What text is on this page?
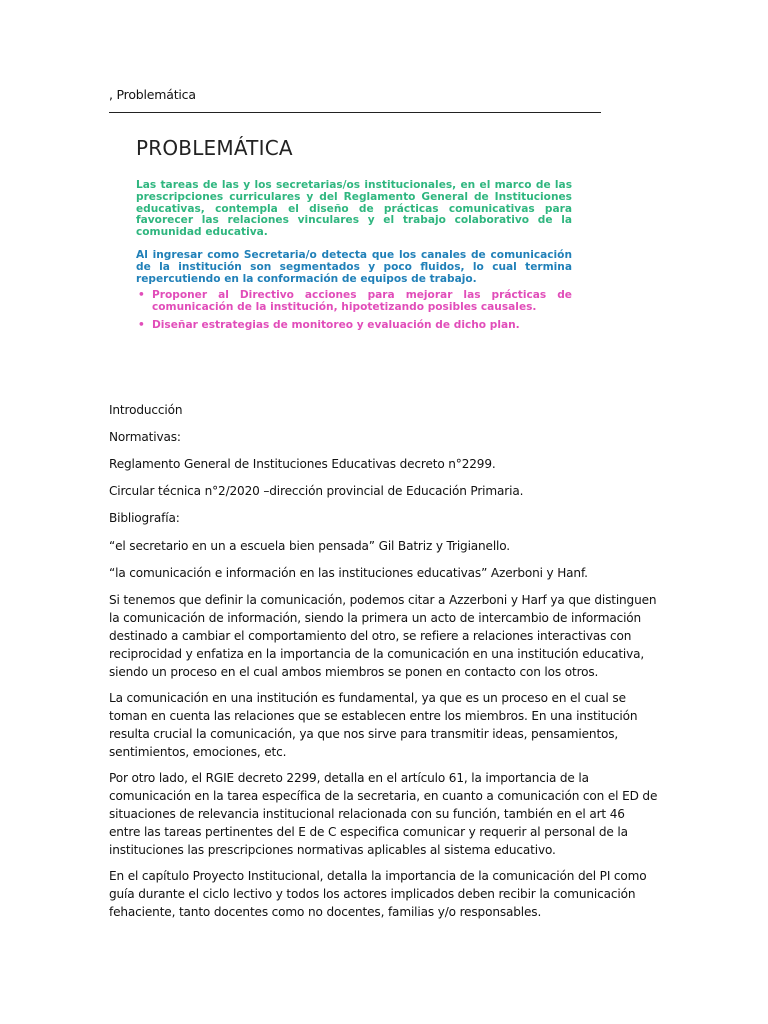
, Problemática
PROBLEMÁTICA

Las tareas de las y los secretarias/os institucionales, en el marco de las prescripciones curriculares y del Reglamento General de Instituciones educativas, contempla el diseño de prácticas comunicativas para favorecer las relaciones vinculares y el trabajo colaborativo de la comunidad educativa.

Al ingresar como Secretaria/o detecta que los canales de comunicación de la institución son segmentados y poco fluidos, lo cual termina repercutiendo en la conformación de equipos de trabajo.

• Proponer al Directivo acciones para mejorar las prácticas de comunicación de la institución, hipotetizando posibles causales.
• Diseñar estrategias de monitoreo y evaluación de dicho plan.

Introducción

Normativas:

Reglamento General de Instituciones Educativas decreto n°2299.

Circular técnica n°2/2020 –dirección provincial de Educación Primaria.

Bibliografía:

“el secretario en un a escuela bien pensada” Gil Batriz y Trigianello.

“la comunicación e información en las instituciones educativas” Azerboni y Hanf.

Si tenemos que definir la comunicación, podemos citar a Azzerboni y Harf ya que distinguen la comunicación de información, siendo la primera un acto de intercambio de información destinado a cambiar el comportamiento del otro, se refiere a relaciones interactivas con reciprocidad y enfatiza en la importancia de la comunicación en una institución educativa, siendo un proceso en el cual ambos miembros se ponen en contacto con los otros.

La comunicación en una institución es fundamental, ya que es un proceso en el cual se toman en cuenta las relaciones que se establecen entre los miembros. En una institución resulta crucial la comunicación, ya que nos sirve para transmitir ideas, pensamientos, sentimientos, emociones, etc.

Por otro lado, el RGIE decreto 2299, detalla en el artículo 61, la importancia de la comunicación en la tarea específica de la secretaria, en cuanto a comunicación con el ED de situaciones de relevancia institucional relacionada con su función, también en el art 46 entre las tareas pertinentes del E de C especifica comunicar y requerir al personal de la instituciones las prescripciones normativas aplicables al sistema educativo.

En el capítulo Proyecto Institucional, detalla la importancia de la comunicación del PI como guía durante el ciclo lectivo y todos los actores implicados deben recibir la comunicación fehaciente, tanto docentes como no docentes, familias y/o responsables.
